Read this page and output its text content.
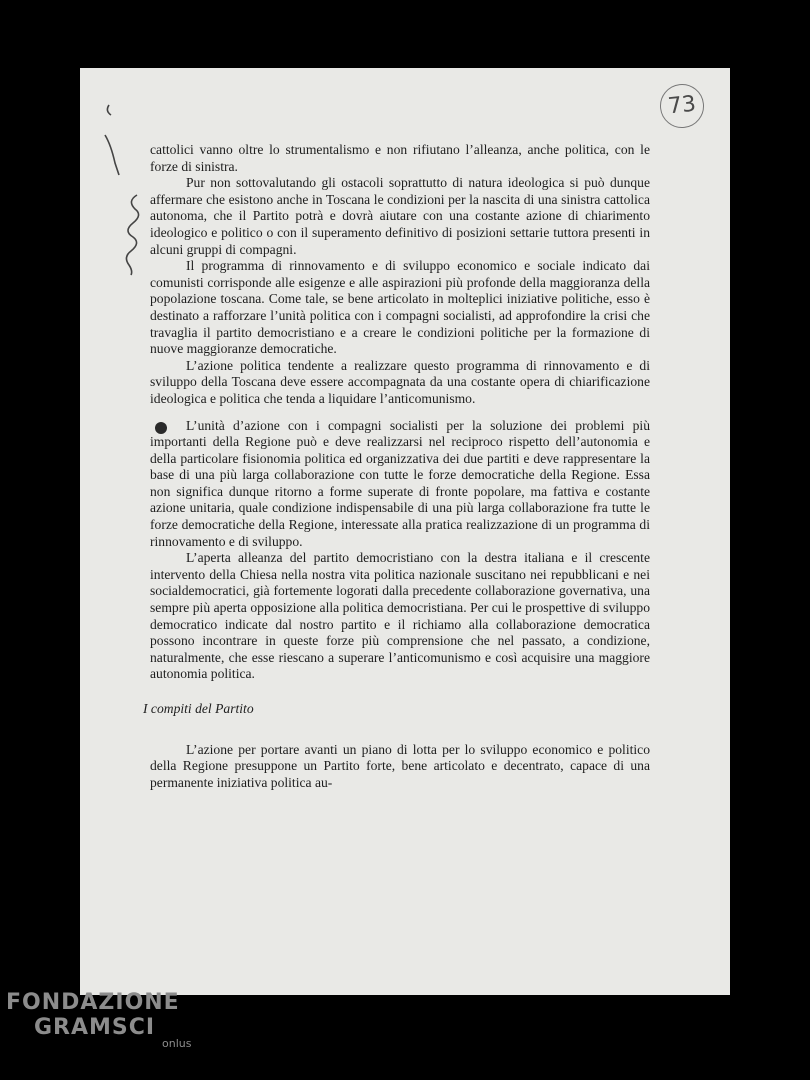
73

cattolici vanno oltre lo strumentalismo e non rifiutano l’alleanza, anche politica, con le forze di sinistra.

Pur non sottovalutando gli ostacoli soprattutto di natura ideologica si può dunque affermare che esistono anche in Toscana le condizioni per la nascita di una sinistra cattolica autonoma, che il Partito potrà e dovrà aiutare con una costante azione di chiarimento ideologico e politico o con il superamento definitivo di posizioni settarie tuttora presenti in alcuni gruppi di compagni.

Il programma di rinnovamento e di sviluppo economico e sociale indicato dai comunisti corrisponde alle esigenze e alle aspirazioni più profonde della maggioranza della popolazione toscana. Come tale, se bene articolato in molteplici iniziative politiche, esso è destinato a rafforzare l’unità politica con i compagni socialisti, ad approfondire la crisi che travaglia il partito democristiano e a creare le condizioni politiche per la formazione di nuove maggioranze democratiche.

L’azione politica tendente a realizzare questo programma di rinnovamento e di sviluppo della Toscana deve essere accompagnata da una costante opera di chiarificazione ideologica e politica che tenda a liquidare l’anticomunismo.

L’unità d’azione con i compagni socialisti per la soluzione dei problemi più importanti della Regione può e deve realizzarsi nel reciproco rispetto dell’autonomia e della particolare fisionomia politica ed organizzativa dei due partiti e deve rappresentare la base di una più larga collaborazione con tutte le forze democratiche della Regione. Essa non significa dunque ritorno a forme superate di fronte popolare, ma fattiva e costante azione unitaria, quale condizione indispensabile di una più larga collaborazione fra tutte le forze democratiche della Regione, interessate alla pratica realizzazione di un programma di rinnovamento e di sviluppo.

L’aperta alleanza del partito democristiano con la destra italiana e il crescente intervento della Chiesa nella nostra vita politica nazionale suscitano nei repubblicani e nei socialdemocratici, già fortemente logorati dalla precedente collaborazione governativa, una sempre più aperta opposizione alla politica democristiana. Per cui le prospettive di sviluppo democratico indicate dal nostro partito e il richiamo alla collaborazione democratica possono incontrare in queste forze più comprensione che nel passato, a condizione, naturalmente, che esse riescano a superare l’anticomunismo e così acquisire una maggiore autonomia politica.

I compiti del Partito

L’azione per portare avanti un piano di lotta per lo sviluppo economico e politico della Regione presuppone un Partito forte, bene articolato e decentrato, capace di una permanente iniziativa politica au-

FONDAZIONE
GRAMSCI
onlus
